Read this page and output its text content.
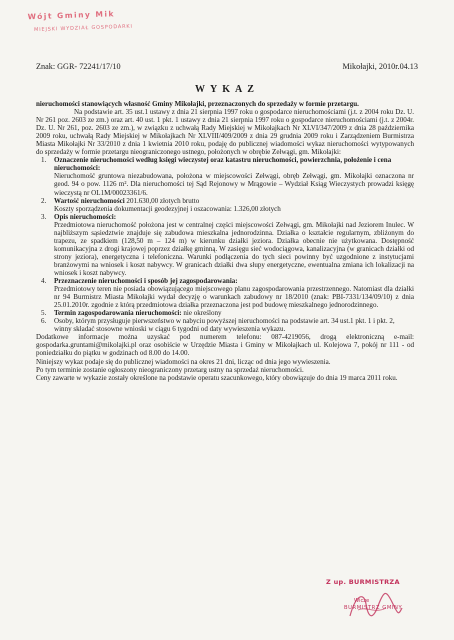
Wójt Gminy Mik
MIEJSKI WYDZIAŁ GOSPODARKI
Znak: GGR- 72241/17/10	Mikołajki, 2010r.04.13
WYKAZ

nieruchomości stanowiących własność Gminy Mikołajki, przeznaczonych do sprzedaży w formie przetargu.

Na podstawie art. 35 ust.1 ustawy z dnia 21 sierpnia 1997 roku o gospodarce nieruchomościami (j.t. z 2004 roku Dz. U. Nr 261 poz. 2603 ze zm.) oraz art. 40 ust. 1 pkt. 1 ustawy z dnia 21 sierpnia 1997 roku o gospodarce nieruchomościami (j.t. z 2004r. Dz. U. Nr 261, poz. 2603 ze zm.), w związku z uchwałą Rady Miejskiej w Mikołajkach Nr XLVI/347/2009 z dnia 28 października 2009 roku, uchwałą Rady Miejskiej w Mikołajkach Nr XLVIII/409/2009 z dnia 29 grudnia 2009 roku i Zarządzeniem Burmistrza Miasta Mikołajki Nr 33/2010 z dnia 1 kwietnia 2010 roku, podaję do publicznej wiadomości wykaz nieruchomości wytypowanych do sprzedaży w formie przetargu nieograniczonego ustnego, położonych w obrębie Zełwągi, gm. Mikołajki:

Oznaczenie nieruchomości według księgi wieczystej oraz katastru nieruchomości, powierzchnia, położenie i cena nieruchomości:
Nieruchomość gruntowa niezabudowana, położona w miejscowości Zełwągi, obręb Zełwągi, gm. Mikołajki oznaczona nr geod. 94 o pow. 1126 m². Dla nieruchomości tej Sąd Rejonowy w Mrągowie – Wydział Ksiąg Wieczystych prowadzi księgę wieczystą nr OL1M/00023361/6.
Wartość nieruchomości 201.630,00 złotych brutto
Koszty sporządzenia dokumentacji geodezyjnej i oszacowania: 1.326,00 złotych
Opis nieruchomości:
Przedmiotowa nieruchomość położona jest w centralnej części miejscowości Zełwągi, gm. Mikołajki nad Jeziorem Inulec. W najbliższym sąsiedztwie znajduje się zabudowa mieszkalna jednorodzinna. Działka o kształcie regularnym, zbliżonym do trapezu, ze spadkiem (128,50 m – 124 m) w kierunku działki jeziora. Działka obecnie nie użytkowana. Dostępność komunikacyjna z drogi krajowej poprzez działkę gminną. W zasięgu sieć wodociągowa, kanalizacyjna (w granicach działki od strony jeziora), energetyczna i telefoniczna. Warunki podłączenia do tych sieci powinny być uzgodnione z instytucjami branżowymi na wniosek i koszt nabywcy. W granicach działki dwa słupy energetyczne, ewentualna zmiana ich lokalizacji na wniosek i koszt nabywcy.
Przeznaczenie nieruchomości i sposób jej zagospodarowania:
Przedmiotowy teren nie posiada obowiązującego miejscowego planu zagospodarowania przestrzennego. Natomiast dla działki nr 94 Burmistrz Miasta Mikołajki wydał decyzję o warunkach zabudowy nr 18/2010 (znak: PBI-7331/134/09/10) z dnia 25.01.2010r. zgodnie z którą przedmiotowa działka przeznaczona jest pod budowę mieszkalnego jednorodzinnego.
Termin zagospodarowania nieruchomości: nie określony
Osoby, którym przysługuje pierwszeństwo w nabyciu powyższej nieruchomości na podstawie art. 34 ust.1 pkt. 1 i pkt. 2, winny składać stosowne wnioski w ciągu 6 tygodni od daty wywieszenia wykazu.

Dodatkowe informacje można uzyskać pod numerem telefonu: 087-4219056, drogą elektroniczną e-mail: gospodarka.gruntami@mikolajki.pl oraz osobiście w Urzędzie Miasta i Gminy w Mikołajkach ul. Kolejowa 7, pokój nr 111 - od poniedziałku do piątku w godzinach od 8.00 do 14.00.

Niniejszy wykaz podaje się do publicznej wiadomości na okres 21 dni, licząc od dnia jego wywieszenia.

Po tym terminie zostanie ogłoszony nieograniczony przetarg ustny na sprzedaż nieruchomości.

Ceny zawarte w wykazie zostały określone na podstawie operatu szacunkowego, który obowiązuje do dnia 19 marca 2011 roku.

Z up. BURMISTRZA
Wicze
BURMISTRZ GMINY
